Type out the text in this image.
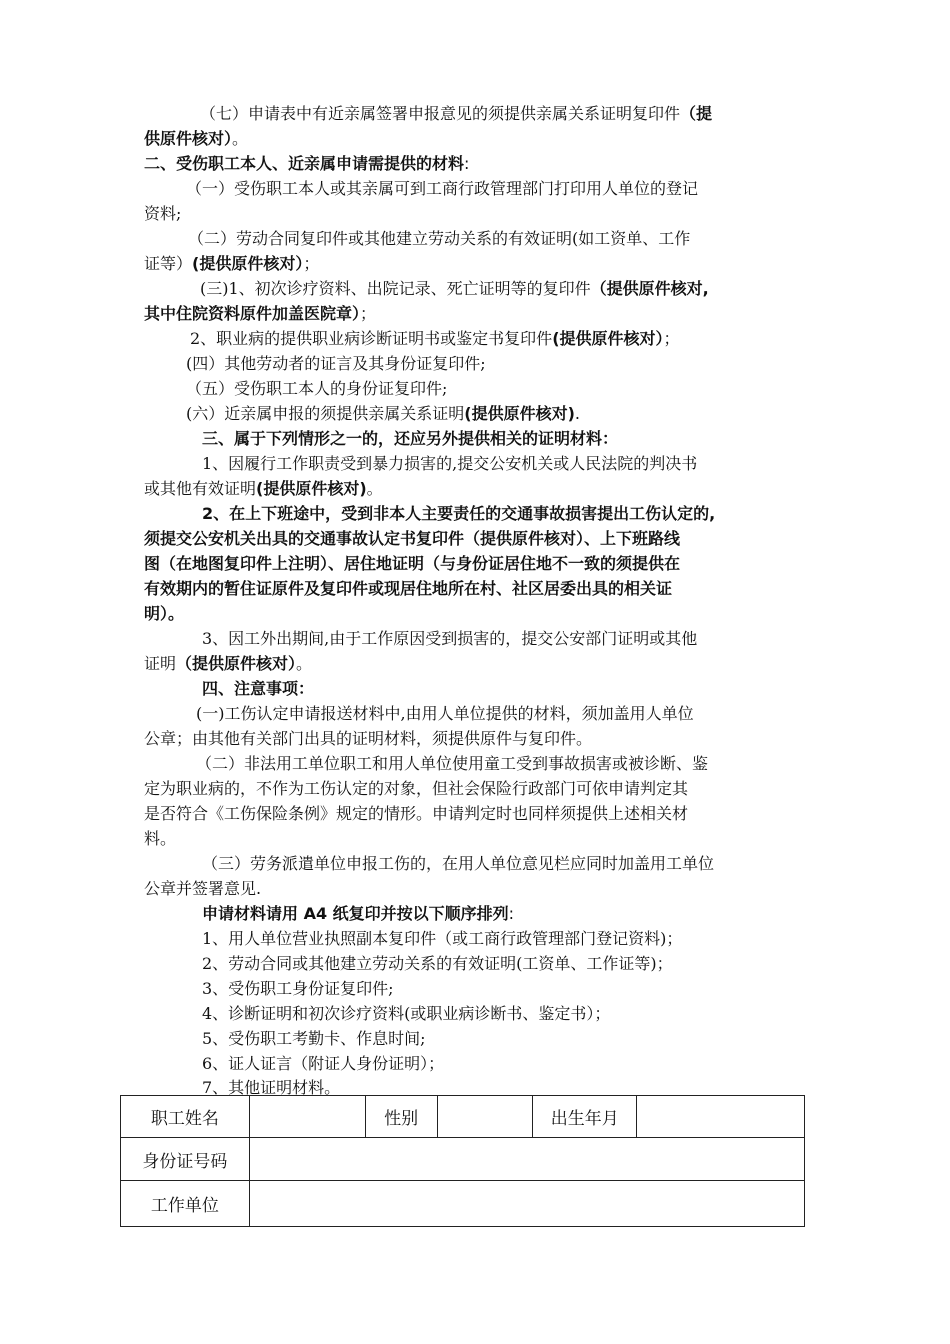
（七）申请表中有近亲属签署申报意见的须提供亲属关系证明复印件（提
供原件核对）。
二、受伤职工本人、近亲属申请需提供的材料:
（一）受伤职工本人或其亲属可到工商行政管理部门打印用人单位的登记
资料;
（二）劳动合同复印件或其他建立劳动关系的有效证明(如工资单、工作
证等）(提供原件核对）；
(三)1、初次诊疗资料、出院记录、死亡证明等的复印件（提供原件核对,
其中住院资料原件加盖医院章）；
2、职业病的提供职业病诊断证明书或鉴定书复印件(提供原件核对）；
(四）其他劳动者的证言及其身份证复印件;
（五）受伤职工本人的身份证复印件;
(六）近亲属申报的须提供亲属关系证明(提供原件核对).
三、属于下列情形之一的，还应另外提供相关的证明材料：
1、因履行工作职责受到暴力损害的,提交公安机关或人民法院的判决书
或其他有效证明(提供原件核对)。
2、在上下班途中，受到非本人主要责任的交通事故损害提出工伤认定的,
须提交公安机关出具的交通事故认定书复印件（提供原件核对）、上下班路线
图（在地图复印件上注明）、居住地证明（与身份证居住地不一致的须提供在
有效期内的暂住证原件及复印件或现居住地所在村、社区居委出具的相关证
明）。
3、因工外出期间,由于工作原因受到损害的，提交公安部门证明或其他
证明（提供原件核对）。
四、注意事项：
(一)工伤认定申请报送材料中,由用人单位提供的材料，须加盖用人单位
公章；由其他有关部门出具的证明材料，须提供原件与复印件。
（二）非法用工单位职工和用人单位使用童工受到事故损害或被诊断、鉴
定为职业病的，不作为工伤认定的对象，但社会保险行政部门可依申请判定其
是否符合《工伤保险条例》规定的情形。申请判定时也同样须提供上述相关材
料。
（三）劳务派遣单位申报工伤的，在用人单位意见栏应同时加盖用工单位
公章并签署意见.
申请材料请用 A4 纸复印并按以下顺序排列:
1、用人单位营业执照副本复印件（或工商行政管理部门登记资料)；
2、劳动合同或其他建立劳动关系的有效证明(工资单、工作证等)；
3、受伤职工身份证复印件;
4、诊断证明和初次诊疗资料(或职业病诊断书、鉴定书）；
5、受伤职工考勤卡、作息时间;
6、证人证言（附证人身份证明）；
7、其他证明材料。
职工姓名		性别		出生年月	
身份证号码					
工作单位					
